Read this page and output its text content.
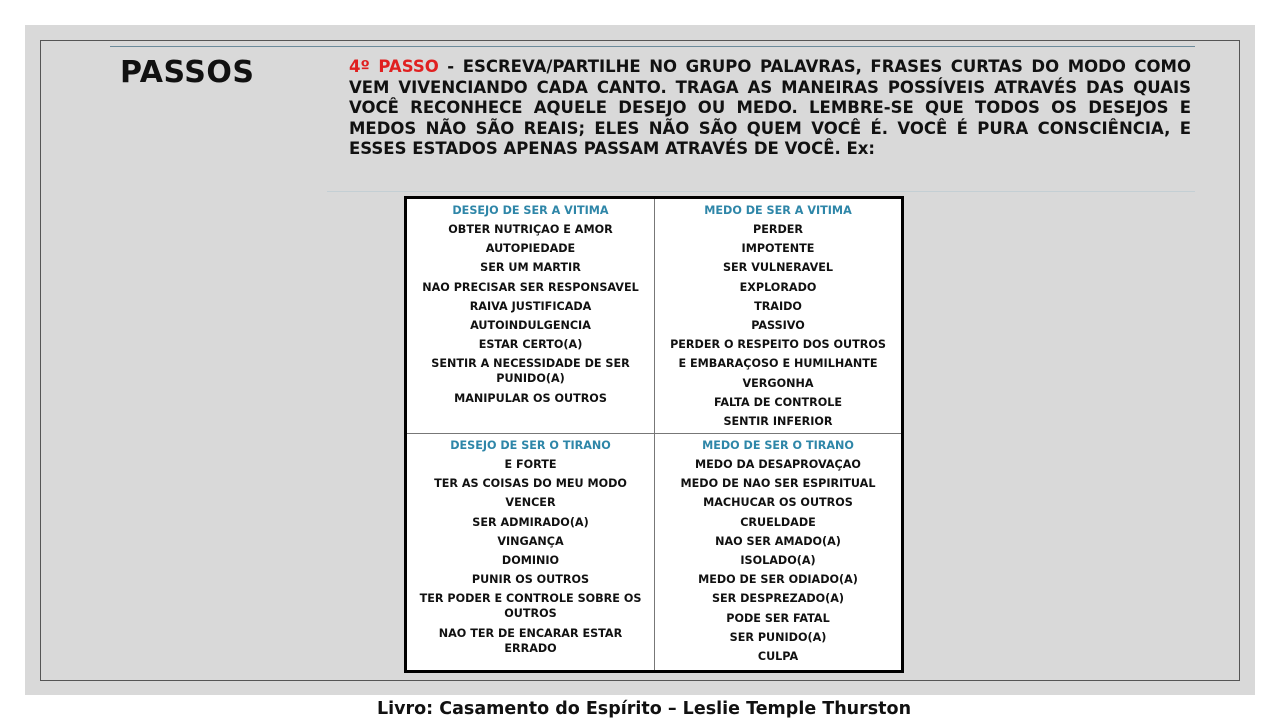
PASSOS	4º PASSO - ESCREVA/PARTILHE NO GRUPO PALAVRAS, FRASES CURTAS DO MODO COMO VEM VIVENCIANDO CADA CANTO. TRAGA AS MANEIRAS POSSÍVEIS ATRAVÉS DAS QUAIS VOCÊ RECONHECE AQUELE DESEJO OU MEDO. LEMBRE-SE QUE TODOS OS DESEJOS E MEDOS NÃO SÃO REAIS; ELES NÃO SÃO QUEM VOCÊ É. VOCÊ É PURA CONSCIÊNCIA, E ESSES ESTADOS APENAS PASSAM ATRAVÉS DE VOCÊ. Ex:

DESEJO DE SER A VITIMA
OBTER NUTRIÇAO E AMOR
AUTOPIEDADE
SER UM MARTIR
NAO PRECISAR SER RESPONSAVEL
RAIVA JUSTIFICADA
AUTOINDULGENCIA
ESTAR CERTO(A)
SENTIR A NECESSIDADE DE SER PUNIDO(A)
MANIPULAR OS OUTROS
MEDO DE SER A VITIMA
PERDER
IMPOTENTE
SER VULNERAVEL
EXPLORADO
TRAIDO
PASSIVO
PERDER O RESPEITO DOS OUTROS
E EMBARAÇOSO E HUMILHANTE
VERGONHA
FALTA DE CONTROLE
SENTIR INFERIOR
DESEJO DE SER O TIRANO
E FORTE
TER AS COISAS DO MEU MODO
VENCER
SER ADMIRADO(A)
VINGANÇA
DOMINIO
PUNIR OS OUTROS
TER PODER E CONTROLE SOBRE OS OUTROS
NAO TER DE ENCARAR ESTAR ERRADO
MEDO DE SER O TIRANO
MEDO DA DESAPROVAÇAO
MEDO DE NAO SER ESPIRITUAL
MACHUCAR OS OUTROS
CRUELDADE
NAO SER AMADO(A)
ISOLADO(A)
MEDO DE SER ODIADO(A)
SER DESPREZADO(A)
PODE SER FATAL
SER PUNIDO(A)
CULPA

Livro: Casamento do Espírito – Leslie Temple Thurston
